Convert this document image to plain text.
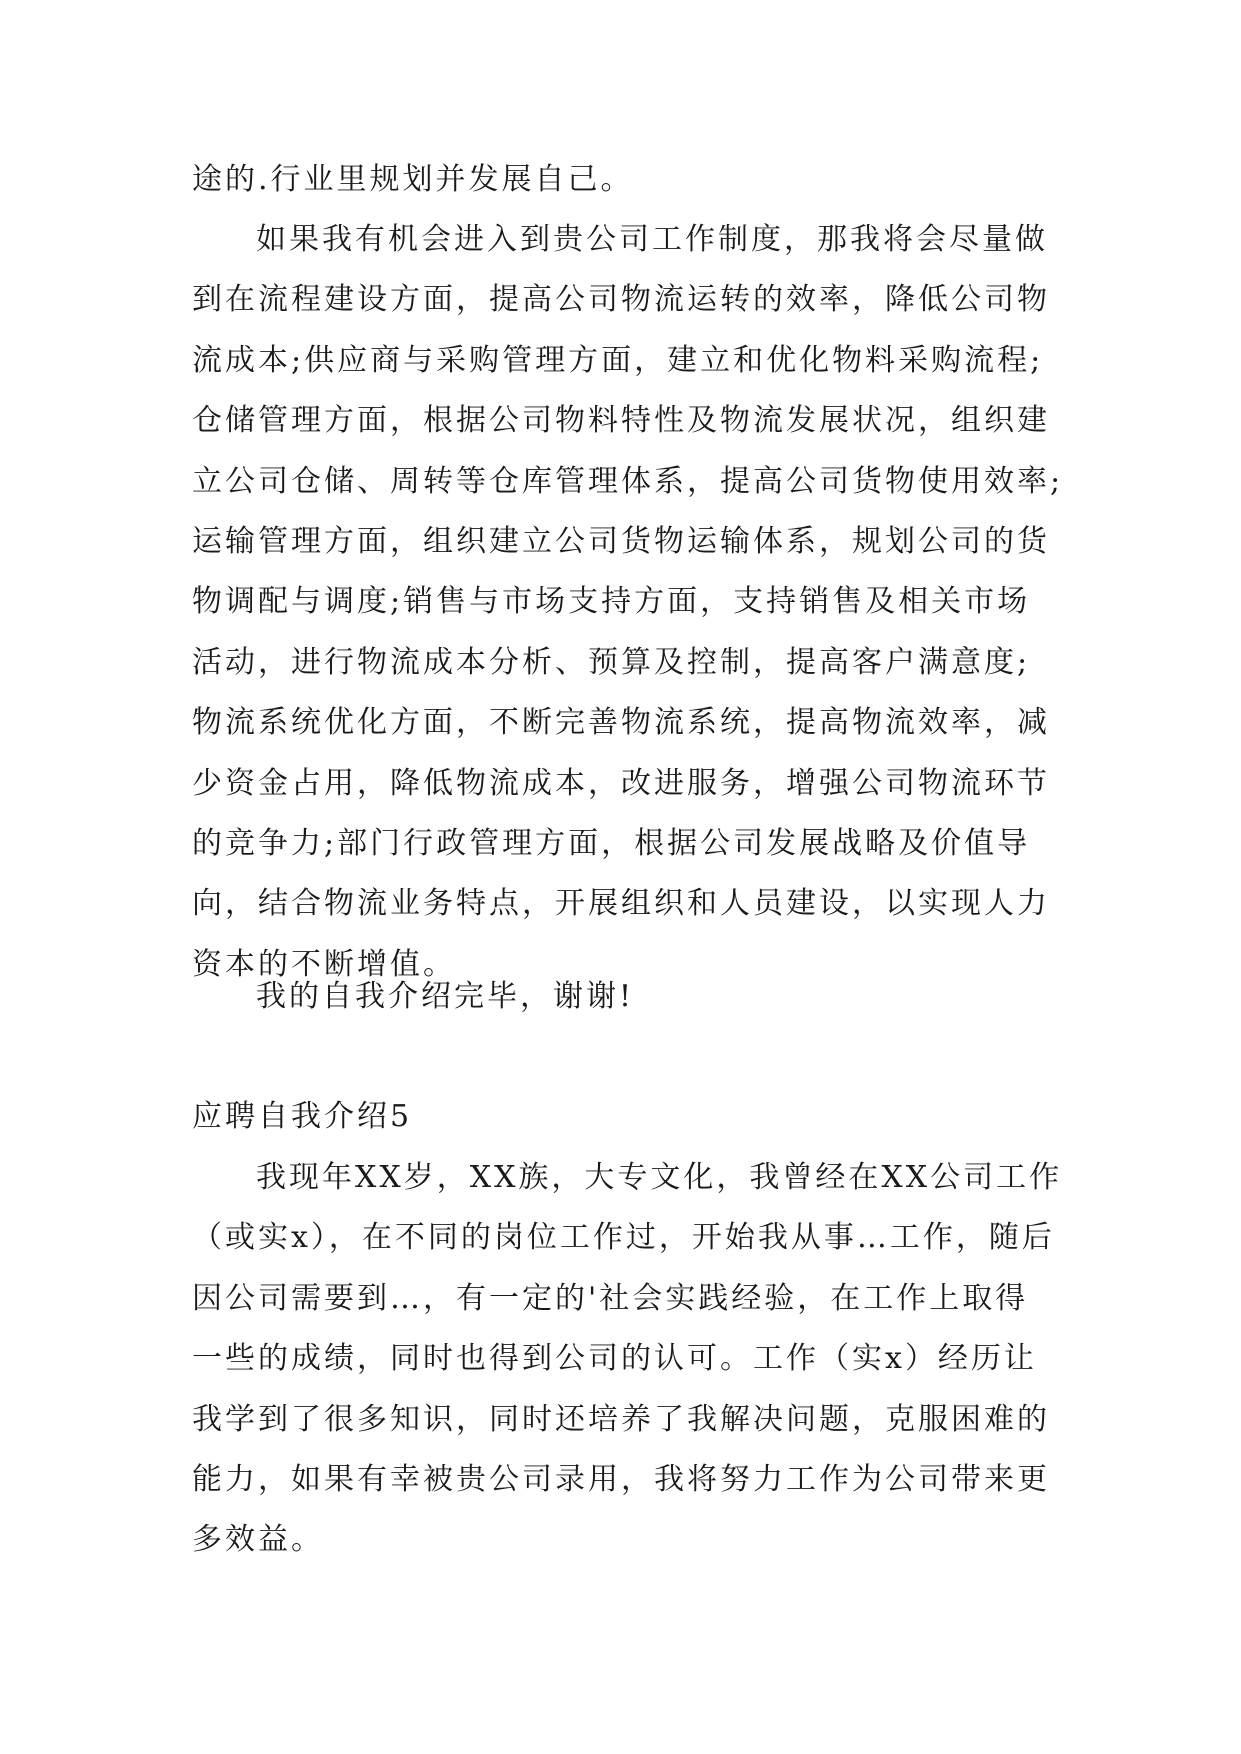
途的.行业里规划并发展自己。
如果我有机会进入到贵公司工作制度，那我将会尽量做
到在流程建设方面，提高公司物流运转的效率，降低公司物
流成本;供应商与采购管理方面，建立和优化物料采购流程;
仓储管理方面，根据公司物料特性及物流发展状况，组织建
立公司仓储、周转等仓库管理体系，提高公司货物使用效率;
运输管理方面，组织建立公司货物运输体系，规划公司的货
物调配与调度;销售与市场支持方面，支持销售及相关市场
活动，进行物流成本分析、预算及控制，提高客户满意度;
物流系统优化方面，不断完善物流系统，提高物流效率，减
少资金占用，降低物流成本，改进服务，增强公司物流环节
的竞争力;部门行政管理方面，根据公司发展战略及价值导
向，结合物流业务特点，开展组织和人员建设，以实现人力
资本的不断增值。
我的自我介绍完毕，谢谢!
应聘自我介绍5
我现年XX岁，XX族，大专文化，我曾经在XX公司工作
（或实x），在不同的岗位工作过，开始我从事…工作，随后
因公司需要到…，有一定的'社会实践经验，在工作上取得
一些的成绩，同时也得到公司的认可。工作（实x）经历让
我学到了很多知识，同时还培养了我解决问题，克服困难的
能力，如果有幸被贵公司录用，我将努力工作为公司带来更
多效益。
